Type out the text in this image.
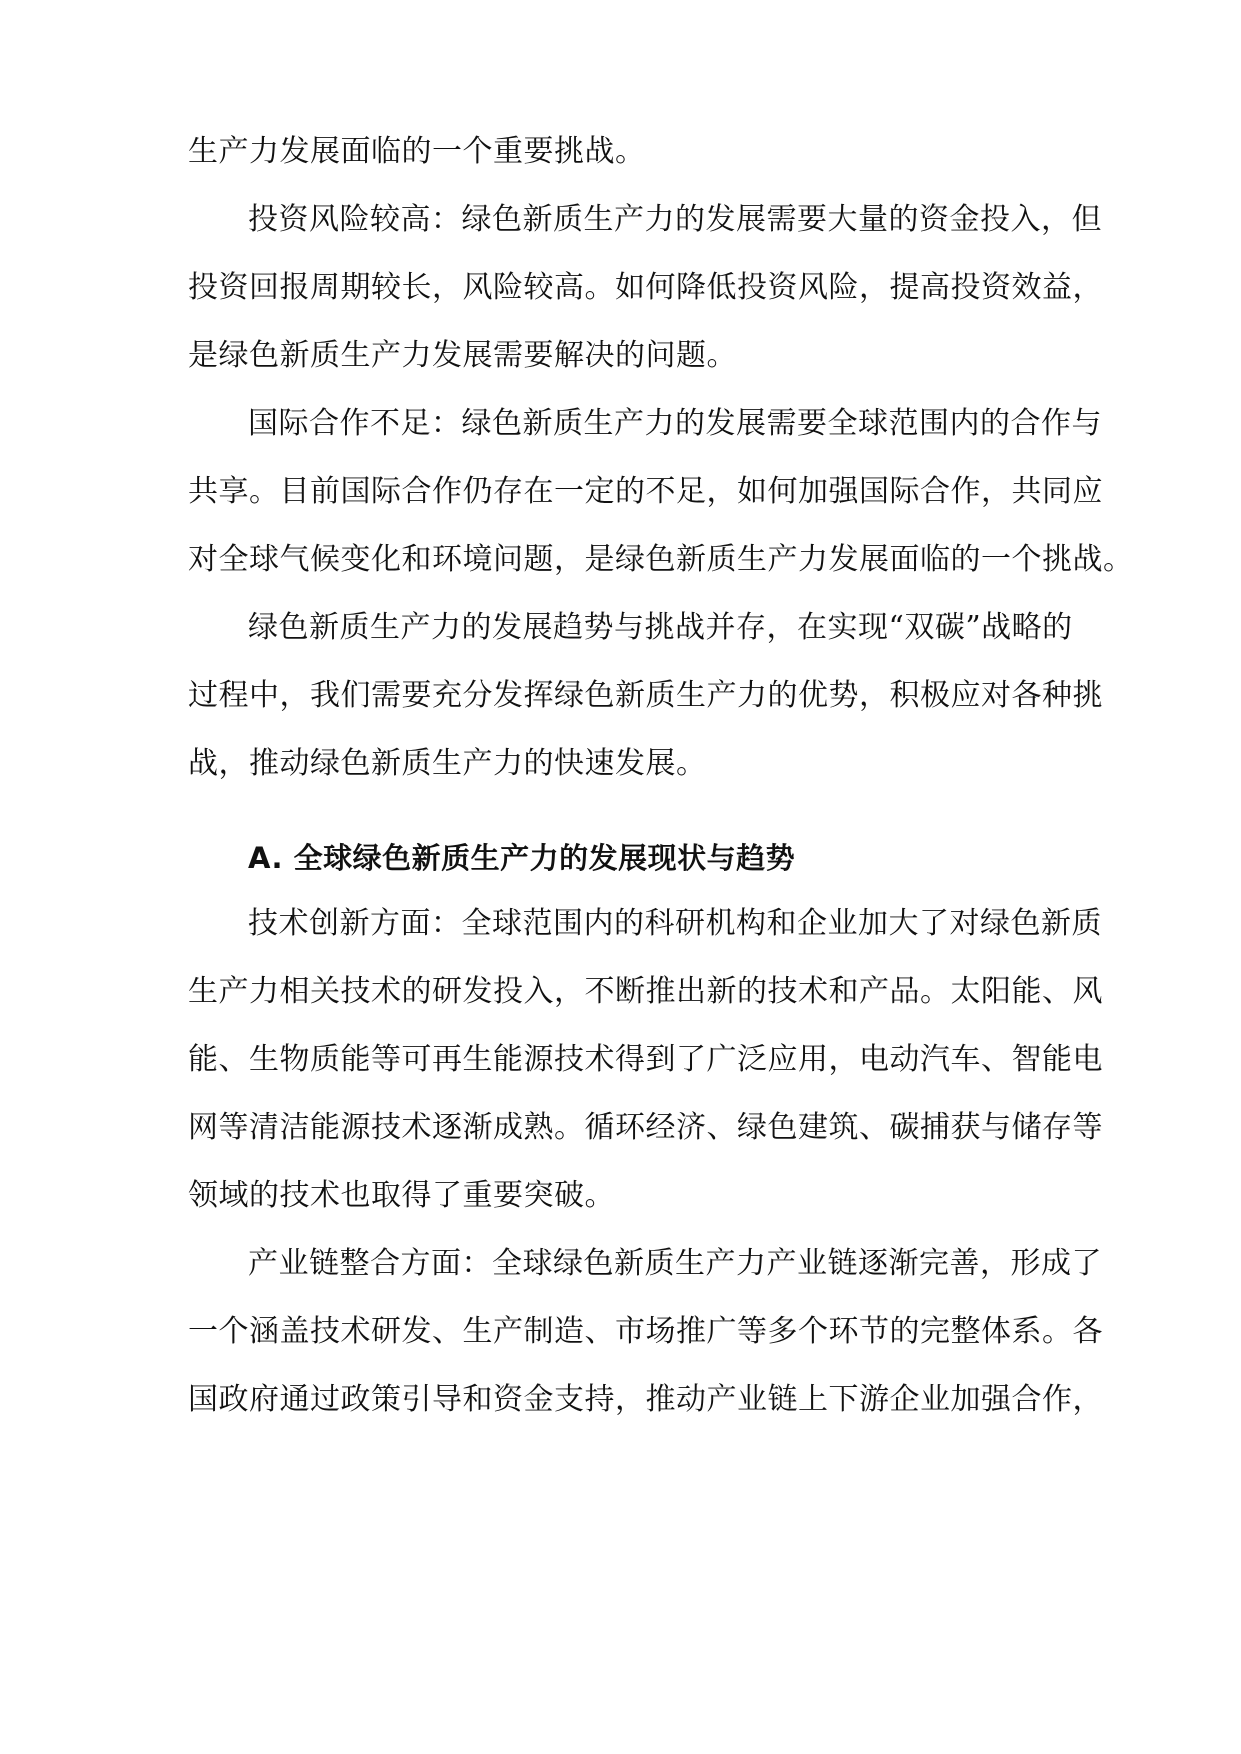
生产力发展面临的一个重要挑战。
投资风险较高：绿色新质生产力的发展需要大量的资金投入，但
投资回报周期较长，风险较高。如何降低投资风险，提高投资效益，
是绿色新质生产力发展需要解决的问题。
国际合作不足：绿色新质生产力的发展需要全球范围内的合作与
共享。目前国际合作仍存在一定的不足，如何加强国际合作，共同应
对全球气候变化和环境问题，是绿色新质生产力发展面临的一个挑战。
绿色新质生产力的发展趋势与挑战并存，在实现“双碳”战略的
过程中，我们需要充分发挥绿色新质生产力的优势，积极应对各种挑
战，推动绿色新质生产力的快速发展。
A. 全球绿色新质生产力的发展现状与趋势
技术创新方面：全球范围内的科研机构和企业加大了对绿色新质
生产力相关技术的研发投入，不断推出新的技术和产品。太阳能、风
能、生物质能等可再生能源技术得到了广泛应用，电动汽车、智能电
网等清洁能源技术逐渐成熟。循环经济、绿色建筑、碳捕获与储存等
领域的技术也取得了重要突破。
产业链整合方面：全球绿色新质生产力产业链逐渐完善，形成了
一个涵盖技术研发、生产制造、市场推广等多个环节的完整体系。各
国政府通过政策引导和资金支持，推动产业链上下游企业加强合作，
